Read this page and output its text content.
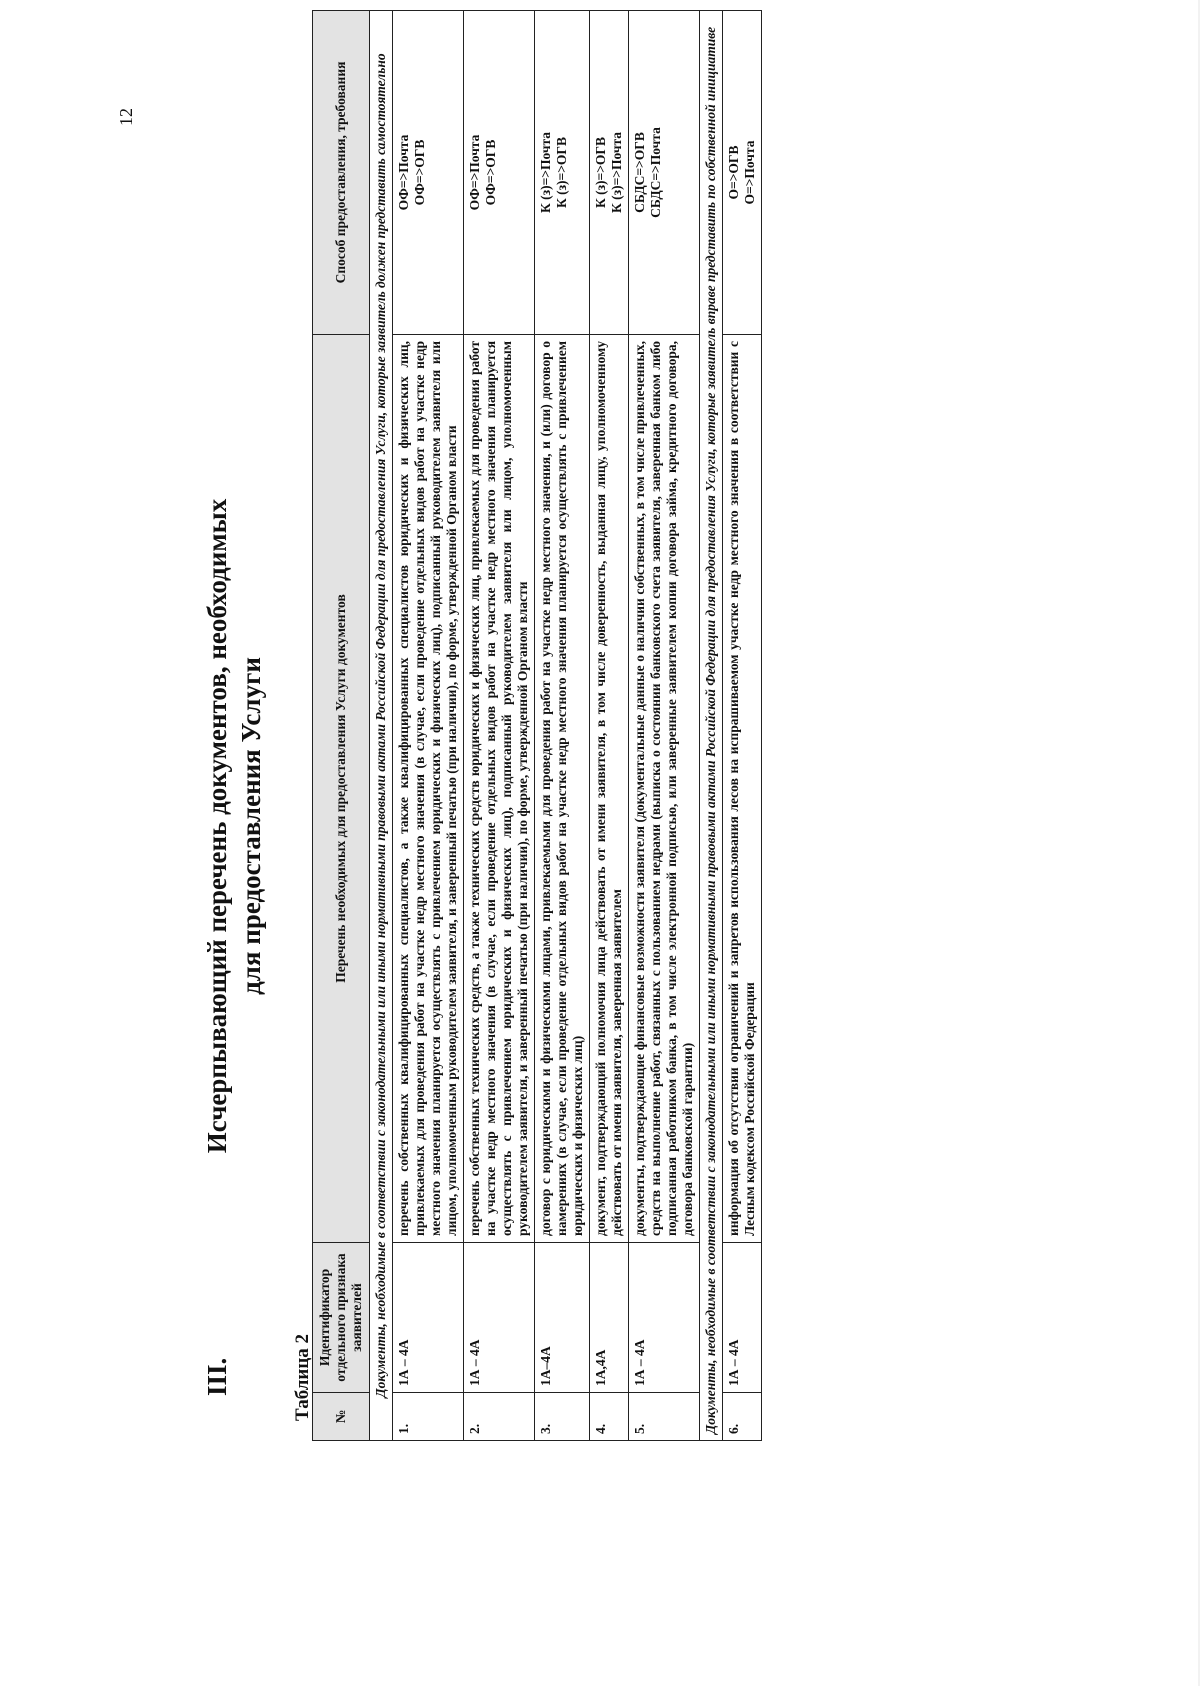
12
III.
Исчерпывающий перечень документов, необходимых для предоставления Услуги
Таблица 2 №	Идентификатор отдельного признака заявителей	Перечень необходимых для предоставления Услуги документов	Способ предоставления, требования
Документы, необходимые в соответствии с законодательными или иными нормативными правовыми актами Российской Федерации для предоставления Услуги, которые заявитель должен представить самостоятельно			
1.	1А – 4А	перечень собственных квалифицированных специалистов, а также квалифицированных специалистов юридических и физических лиц, привлекаемых для проведения работ на участке недр местного значения (в случае, если проведение отдельных видов работ на участке недр местного значения планируется осуществлять с привлечением юридических и физических лиц), подписанный руководителем заявителя или лицом, уполномоченным руководителем заявителя, и заверенный печатью (при наличии), по форме, утвержденной Органом власти	ОФ=>Почта
ОФ=>ОГВ
2.	1А – 4А	перечень собственных технических средств, а также технических средств юридических и физических лиц, привлекаемых для проведения работ на участке недр местного значения (в случае, если проведение отдельных видов работ на участке недр местного значения планируется осуществлять с привлечением юридических и физических лиц), подписанный руководителем заявителя или лицом, уполномоченным руководителем заявителя, и заверенный печатью (при наличии), по форме, утвержденной Органом власти	ОФ=>Почта
ОФ=>ОГВ
3.	1А–4А	договор с юридическими и физическими лицами, привлекаемыми для проведения работ на участке недр местного значения, и (или) договор о намерениях (в случае, если проведение отдельных видов работ на участке недр местного значения планируется осуществлять с привлечением юридических и физических лиц)	К (з)=>Почта
К (з)=>ОГВ
4.	1А,4А	документ, подтверждающий полномочия лица действовать от имени заявителя, в том числе доверенность, выданная лицу, уполномоченному действовать от имени заявителя, заверенная заявителем	К (з)=>ОГВ
К (з)=>Почта
5.	1А – 4А	документы, подтверждающие финансовые возможности заявителя (документальные данные о наличии собственных, в том числе привлеченных, средств на выполнение работ, связанных с пользованием недрами (выписка о состоянии банковского счета заявителя, заверенная банком либо подписанная работником банка, в том числе электронной подписью, или заверенные заявителем копии договора займа, кредитного договора, договора банковской гарантии)	СБДС=>ОГВ
СБДС=>Почта
Документы, необходимые в соответствии с законодательными или иными нормативными правовыми актами Российской Федерации для предоставления Услуги, которые заявитель вправе представить по собственной инициативе			
6.	1А – 4А	информация об отсутствии ограничений и запретов использования лесов на испрашиваемом участке недр местного значения в соответствии с Лесным кодексом Российской Федерации	О=>ОГВ
О=>Почта
